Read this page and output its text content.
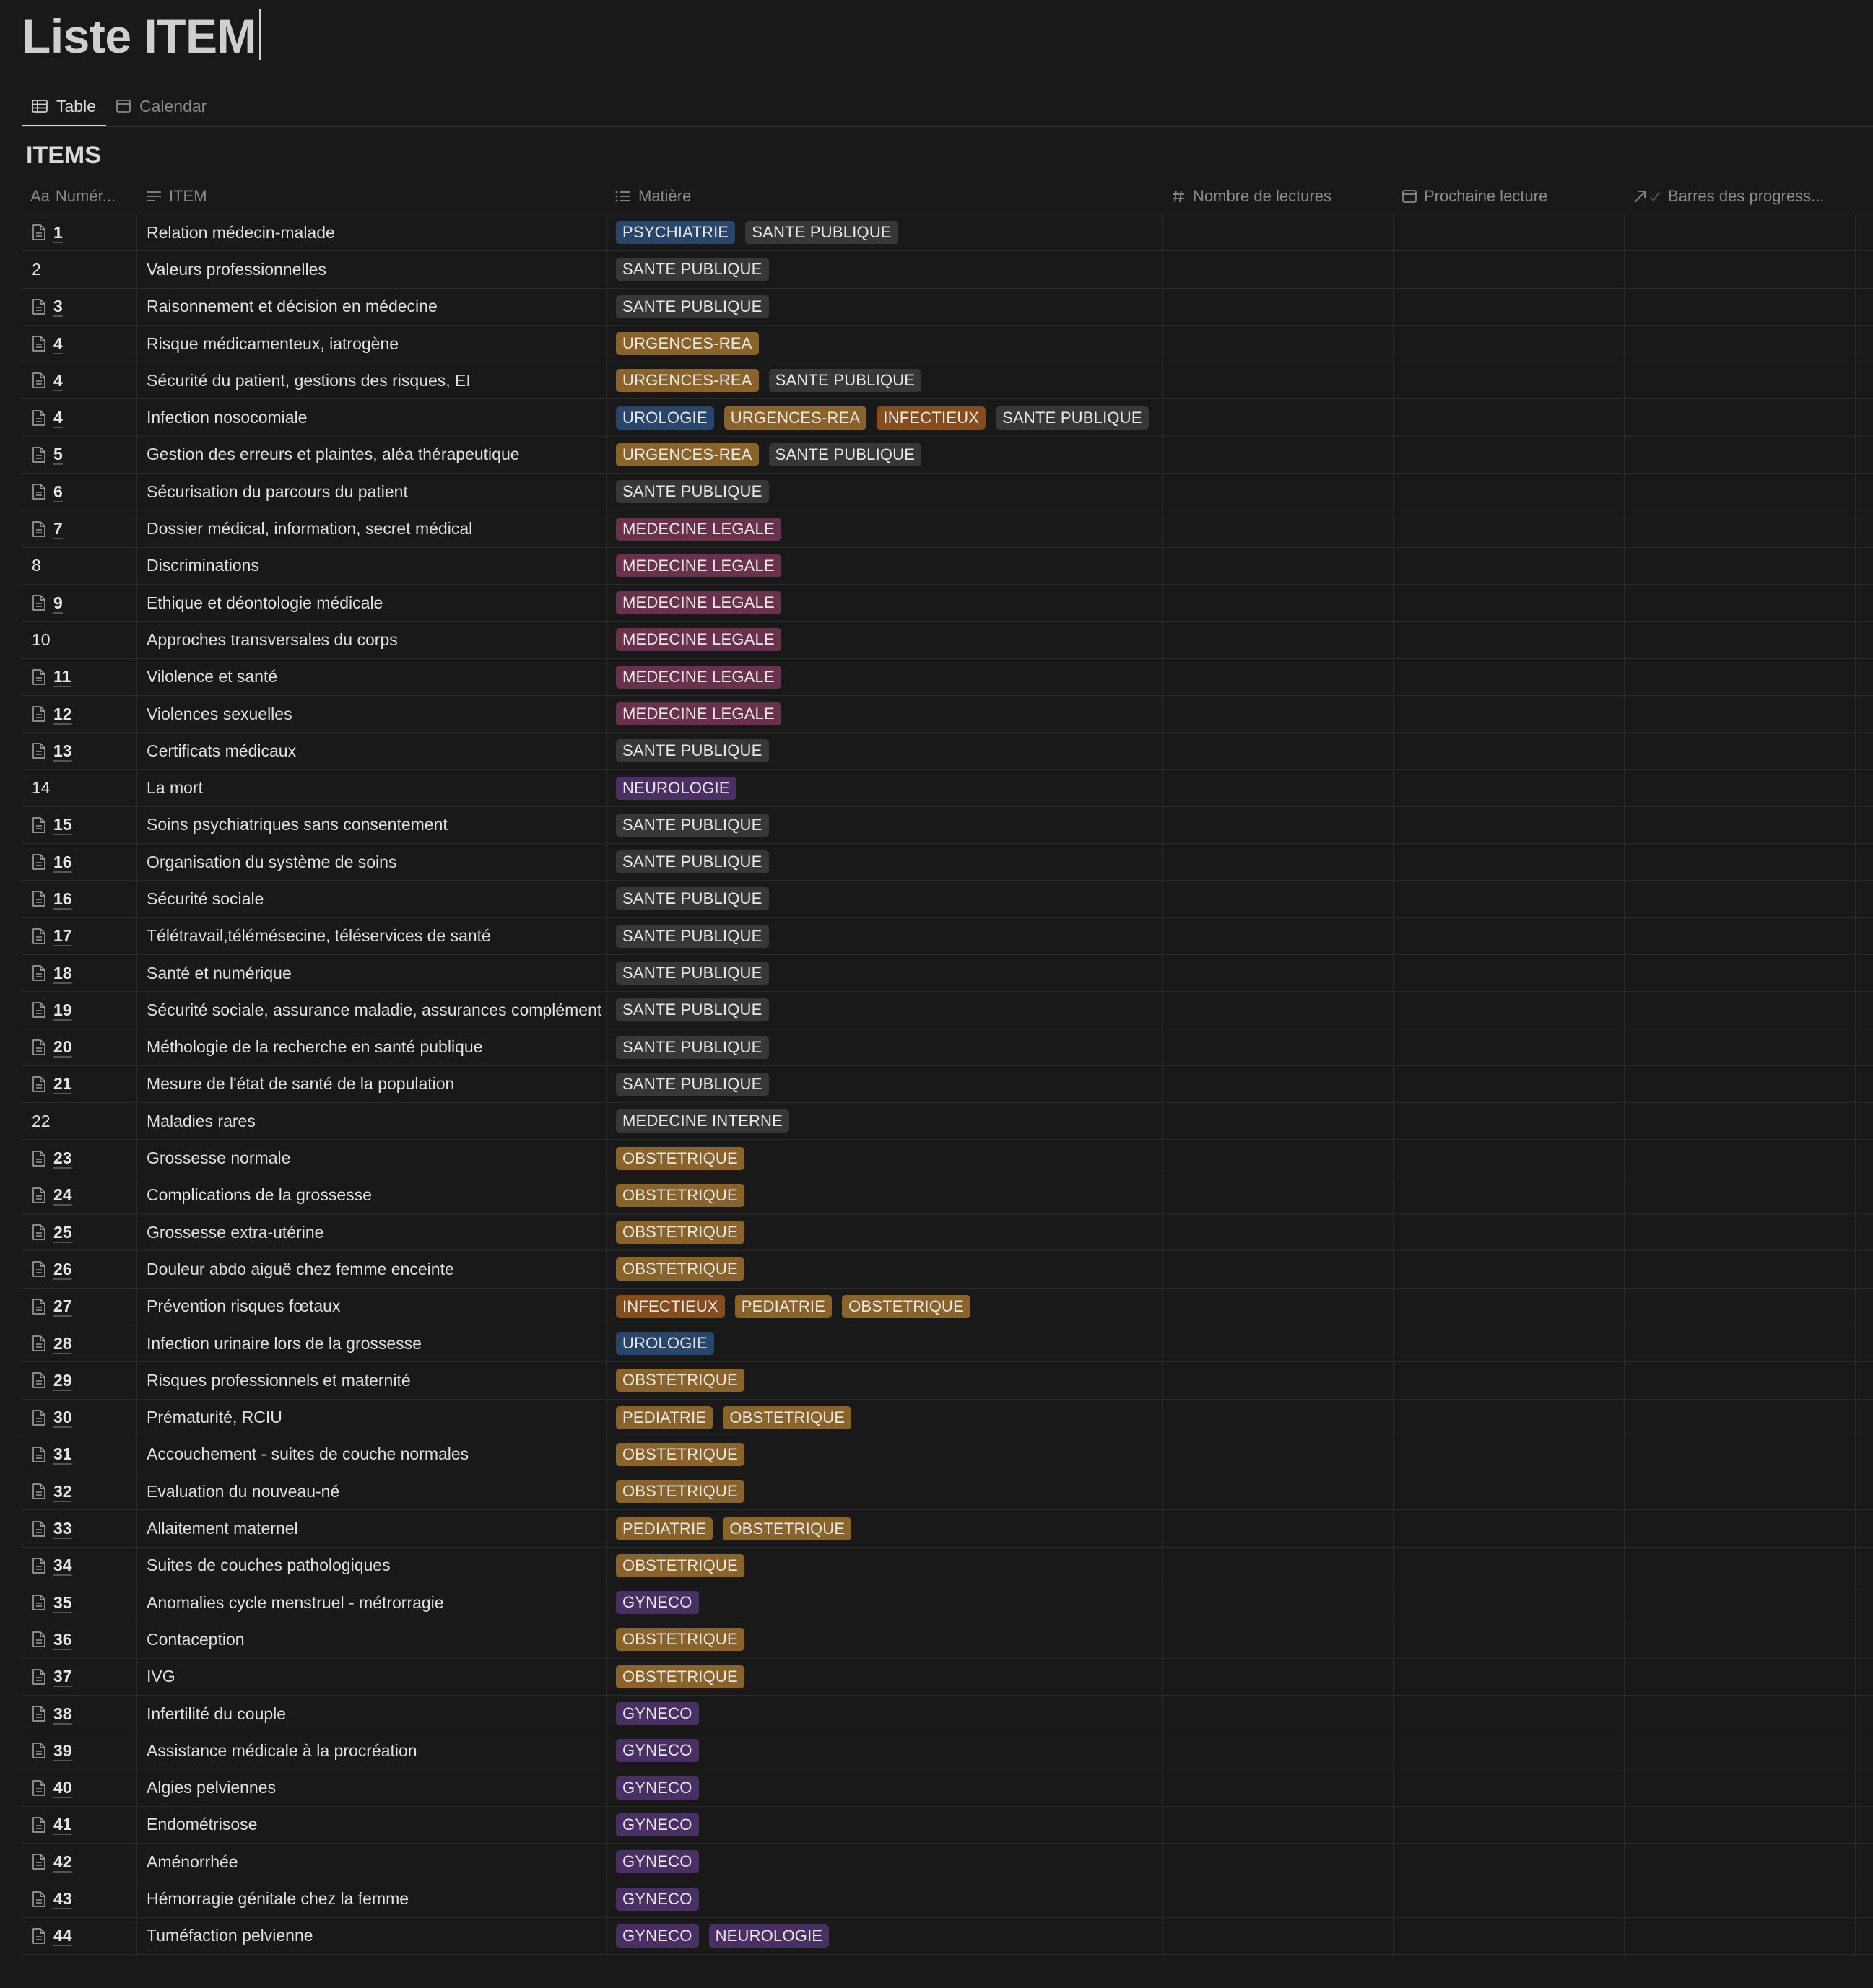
Liste ITEM
Table	Calendar
ITEMS
Aa Numér...	ITEM	Matière	Nombre de lectures	Prochaine lecture	Barres des progress...
1	Relation médecin-malade	PSYCHIATRIE	SANTE PUBLIQUE
2	Valeurs professionnelles	SANTE PUBLIQUE
3	Raisonnement et décision en médecine	SANTE PUBLIQUE
4	Risque médicamenteux, iatrogène	URGENCES-REA
4	Sécurité du patient, gestions des risques, EI	URGENCES-REA	SANTE PUBLIQUE
4	Infection nosocomiale	UROLOGIE	URGENCES-REA	INFECTIEUX	SANTE PUBLIQUE
5	Gestion des erreurs et plaintes, aléa thérapeutique	URGENCES-REA	SANTE PUBLIQUE
6	Sécurisation du parcours du patient	SANTE PUBLIQUE
7	Dossier médical, information, secret médical	MEDECINE LEGALE
8	Discriminations	MEDECINE LEGALE
9	Ethique et déontologie médicale	MEDECINE LEGALE
10	Approches transversales du corps	MEDECINE LEGALE
11	Vilolence et santé	MEDECINE LEGALE
12	Violences sexuelles	MEDECINE LEGALE
13	Certificats médicaux	SANTE PUBLIQUE
14	La mort	NEUROLOGIE
15	Soins psychiatriques sans consentement	SANTE PUBLIQUE
16	Organisation du système de soins	SANTE PUBLIQUE
16	Sécurité sociale	SANTE PUBLIQUE
17	Télétravail,télémésecine, téléservices de santé	SANTE PUBLIQUE
18	Santé et numérique	SANTE PUBLIQUE
19	Sécurité sociale, assurance maladie, assurances complément	SANTE PUBLIQUE
20	Méthologie de la recherche en santé publique	SANTE PUBLIQUE
21	Mesure de l'état de santé de la population	SANTE PUBLIQUE
22	Maladies rares	MEDECINE INTERNE
23	Grossesse normale	OBSTETRIQUE
24	Complications de la grossesse	OBSTETRIQUE
25	Grossesse extra-utérine	OBSTETRIQUE
26	Douleur abdo aiguë chez femme enceinte	OBSTETRIQUE
27	Prévention risques fœtaux	INFECTIEUX	PEDIATRIE	OBSTETRIQUE
28	Infection urinaire lors de la grossesse	UROLOGIE
29	Risques professionnels et maternité	OBSTETRIQUE
30	Prématurité, RCIU	PEDIATRIE	OBSTETRIQUE
31	Accouchement - suites de couche normales	OBSTETRIQUE
32	Evaluation du nouveau-né	OBSTETRIQUE
33	Allaitement maternel	PEDIATRIE	OBSTETRIQUE
34	Suites de couches pathologiques	OBSTETRIQUE
35	Anomalies cycle menstruel - métrorragie	GYNECO
36	Contaception	OBSTETRIQUE
37	IVG	OBSTETRIQUE
38	Infertilité du couple	GYNECO
39	Assistance médicale à la procréation	GYNECO
40	Algies pelviennes	GYNECO
41	Endométrisose	GYNECO
42	Aménorrhée	GYNECO
43	Hémorragie génitale chez la femme	GYNECO
44	Tuméfaction pelvienne	GYNECO	NEUROLOGIE
